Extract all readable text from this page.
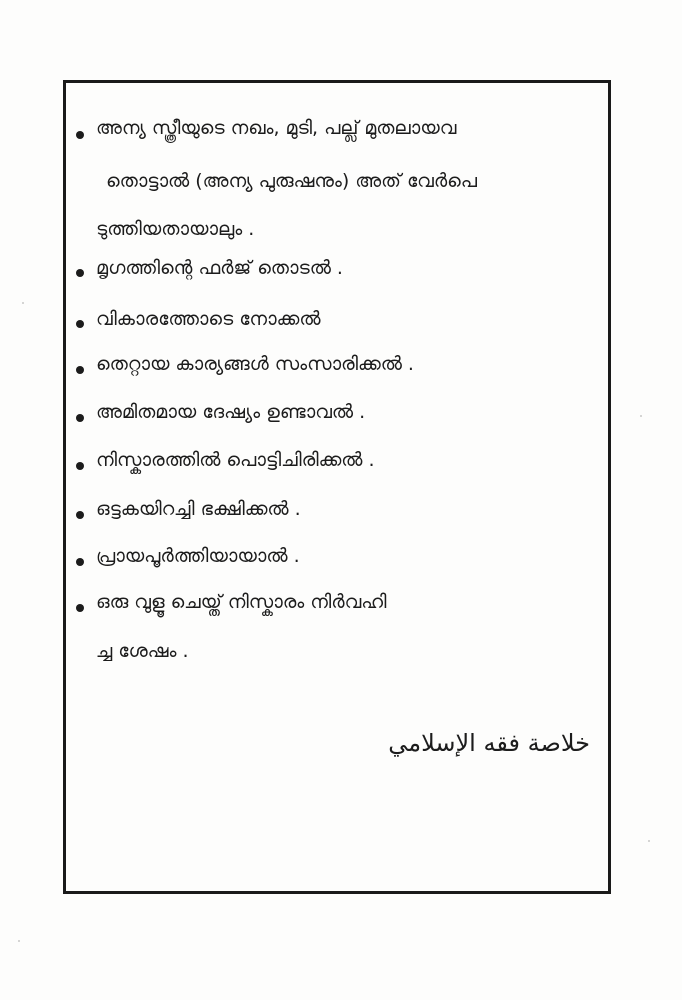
അന്യ സ്ത്രീയുടെ നഖം, മുടി, പല്ല് മുതലായവ
തൊട്ടാൽ (അന്യ പുരുഷനും) അത് വേർപെ
ടുത്തിയതായാലും .
മൃഗത്തിന്റെ ഫർജ് തൊടൽ .
വികാരത്തോടെ നോക്കൽ
തെറ്റായ കാര്യങ്ങൾ സംസാരിക്കൽ .
അമിതമായ ദേഷ്യം ഉണ്ടാവൽ .
നിസ്കാരത്തിൽ പൊട്ടിചിരിക്കൽ .
ഒട്ടകയിറച്ചി ഭക്ഷിക്കൽ .
പ്രായപൂർത്തിയായാൽ .
ഒരു വുളൂ ചെയ്ത് നിസ്കാരം നിർവഹി
ച്ച ശേഷം .
خلاصة فقه الإسلامي
